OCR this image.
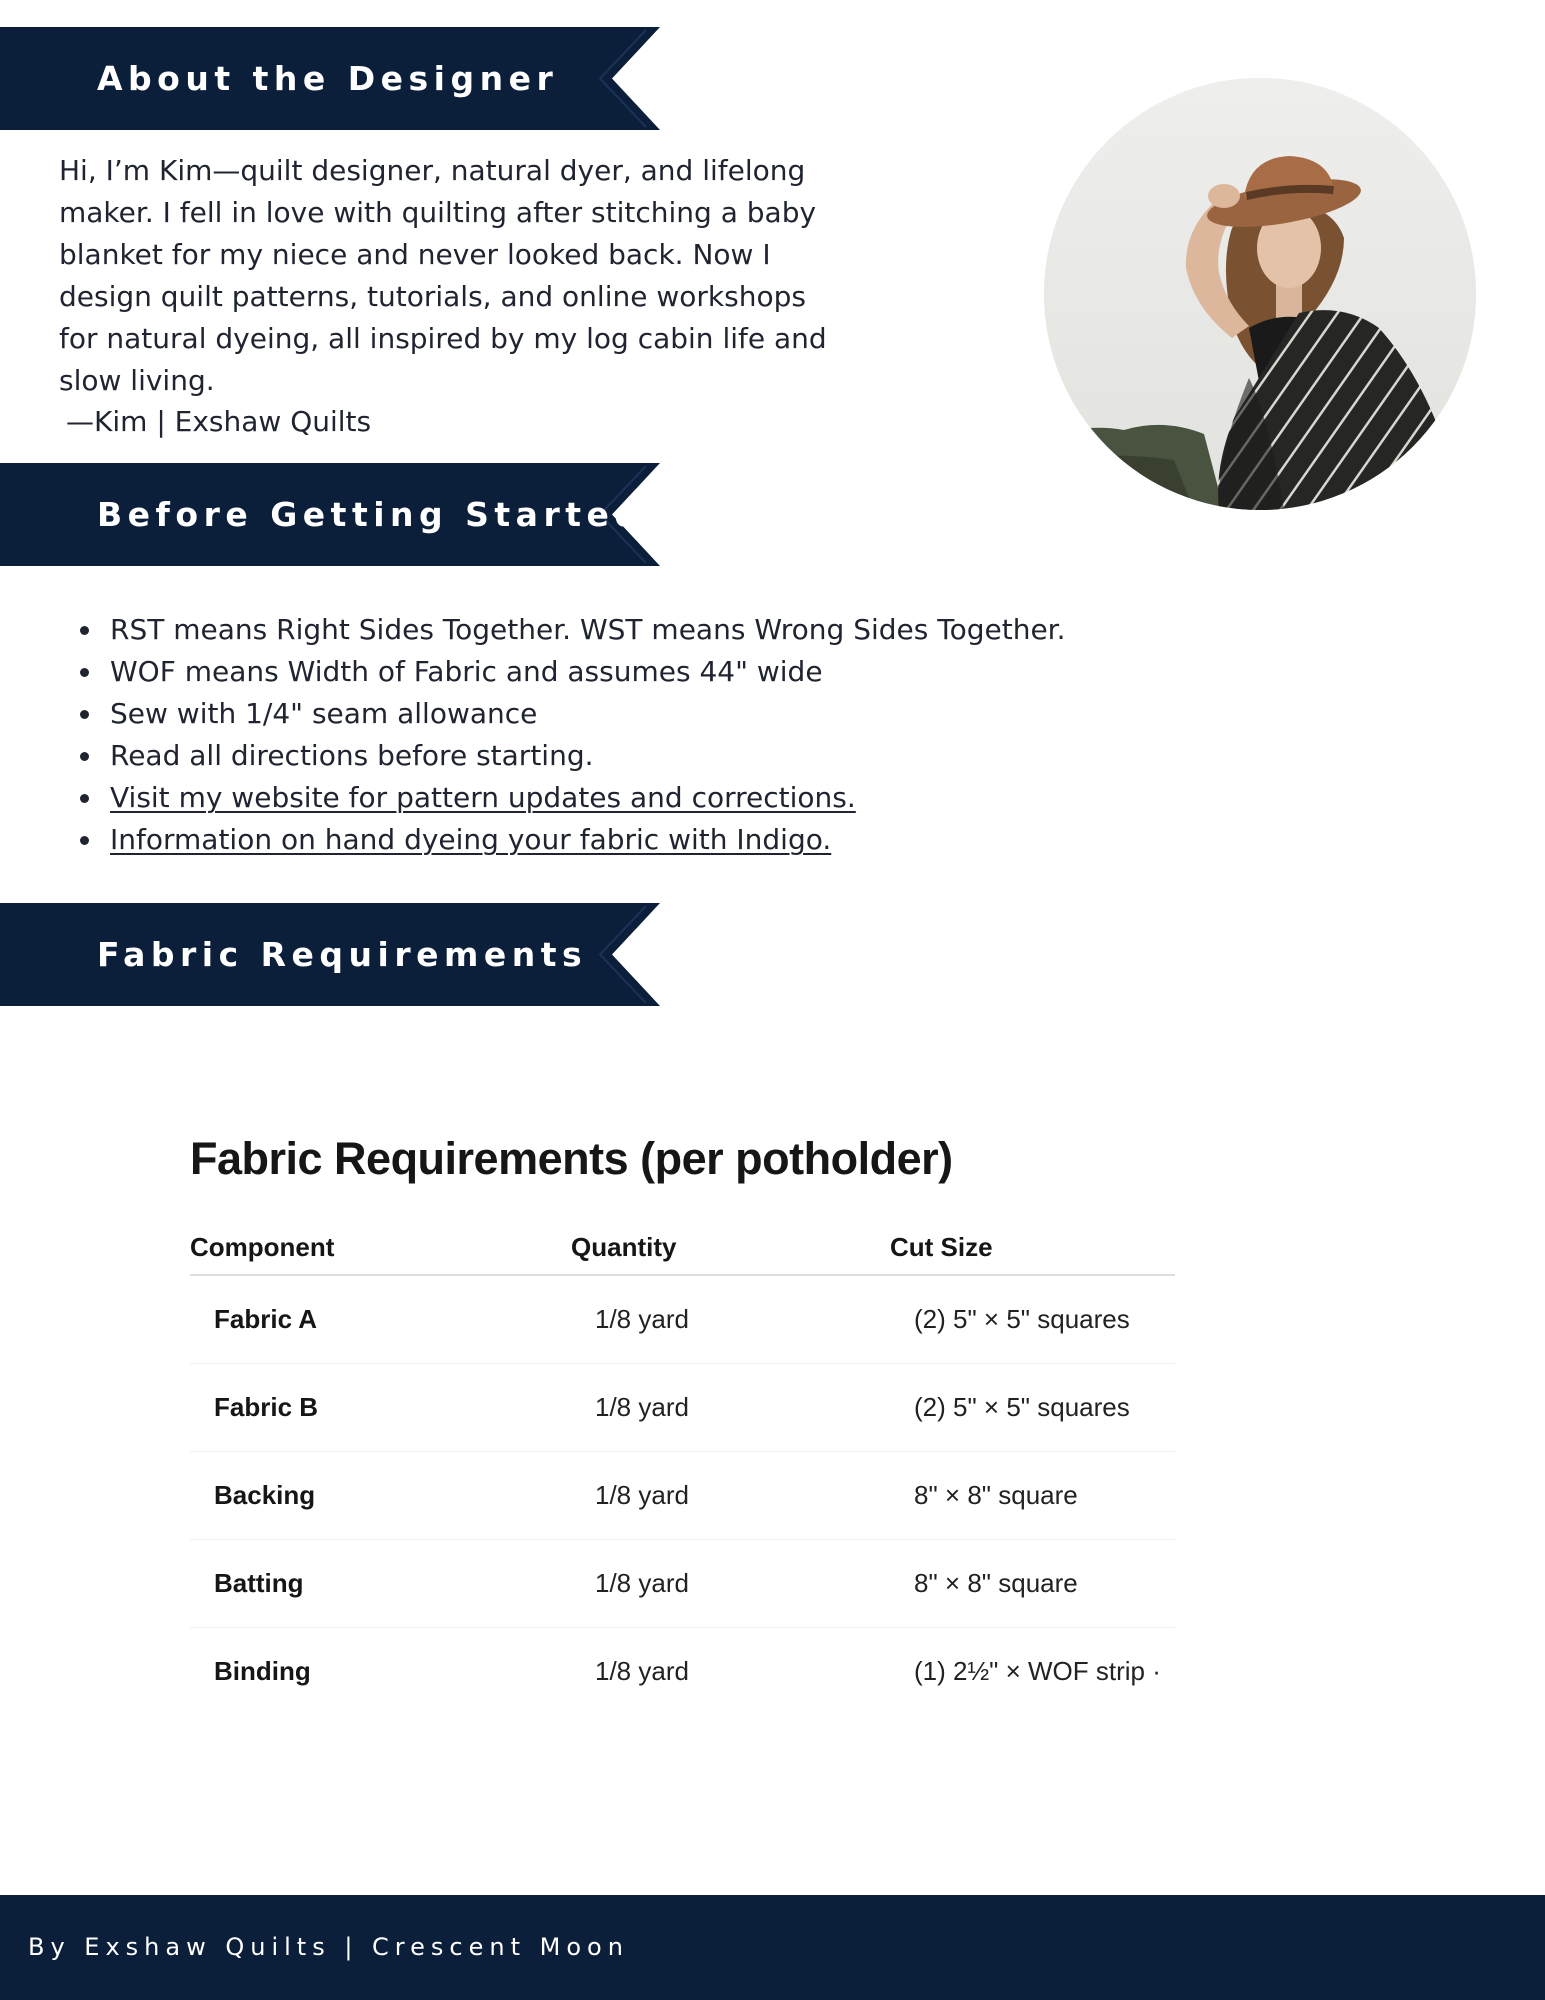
About the Designer

Hi, I’m Kim—quilt designer, natural dyer, and lifelong

maker. I fell in love with quilting after stitching a baby

blanket for my niece and never looked back. Now I

design quilt patterns, tutorials, and online workshops

for natural dyeing, all inspired by my log cabin life and

slow living.

—Kim | Exshaw Quilts
Before Getting Started
RST means Right Sides Together. WST means Wrong Sides Together.
WOF means Width of Fabric and assumes 44" wide
Sew with 1/4" seam allowance
Read all directions before starting.
Visit my website for pattern updates and corrections.
Information on hand dyeing your fabric with Indigo.
Fabric Requirements
Fabric Requirements (per potholder)
Component	Quantity	Cut Size
Fabric A	1/8 yard	(2) 5" × 5" squares
Fabric B	1/8 yard	(2) 5" × 5" squares
Backing	1/8 yard	8" × 8" square
Batting	1/8 yard	8" × 8" square
Binding	1/8 yard	(1) 2½" × WOF strip ·
By Exshaw Quilts | Crescent Moon
